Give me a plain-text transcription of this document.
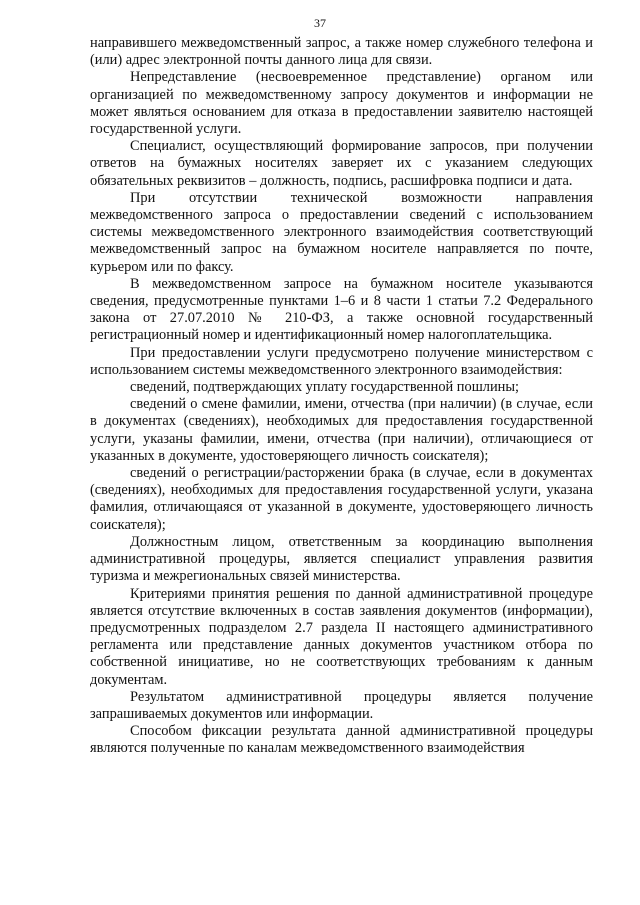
37

направившего межведомственный запрос, а также номер служебного телефона и (или) адрес электронной почты данного лица для связи.

Непредставление (несвоевременное представление) органом или организацией по межведомственному запросу документов и информации не может являться основанием для отказа в предоставлении заявителю настоящей государственной услуги.

Специалист, осуществляющий формирование запросов, при получении ответов на бумажных носителях заверяет их с указанием следующих обязательных реквизитов – должность, подпись, расшифровка подписи и дата.

При отсутствии технической возможности направления межведомственного запроса о предоставлении сведений с использованием системы межведомственного электронного взаимодействия соответствующий межведомственный запрос на бумажном носителе направляется по почте, курьером или по факсу.

В межведомственном запросе на бумажном носителе указываются сведения, предусмотренные пунктами 1–6 и 8 части 1 статьи 7.2 Федерального закона от 27.07.2010 № 210-ФЗ, а также основной государственный регистрационный номер и идентификационный номер налогоплательщика.

При предоставлении услуги предусмотрено получение министерством с использованием системы межведомственного электронного взаимодействия:

сведений, подтверждающих уплату государственной пошлины;

сведений о смене фамилии, имени, отчества (при наличии) (в случае, если в документах (сведениях), необходимых для предоставления государственной услуги, указаны фамилии, имени, отчества (при наличии), отличающиеся от указанных в документе, удостоверяющего личность соискателя);

сведений о регистрации/расторжении брака (в случае, если в документах (сведениях), необходимых для предоставления государственной услуги, указана фамилия, отличающаяся от указанной в документе, удостоверяющего личность соискателя);

Должностным лицом, ответственным за координацию выполнения административной процедуры, является специалист управления развития туризма и межрегиональных связей министерства.

Критериями принятия решения по данной административной процедуре является отсутствие включенных в состав заявления документов (информации), предусмотренных подразделом 2.7 раздела II настоящего административного регламента или представление данных документов участником отбора по собственной инициативе, но не соответствующих требованиям к данным документам.

Результатом административной процедуры является получение запрашиваемых документов или информации.

Способом фиксации результата данной административной процедуры являются полученные по каналам межведомственного взаимодействия
